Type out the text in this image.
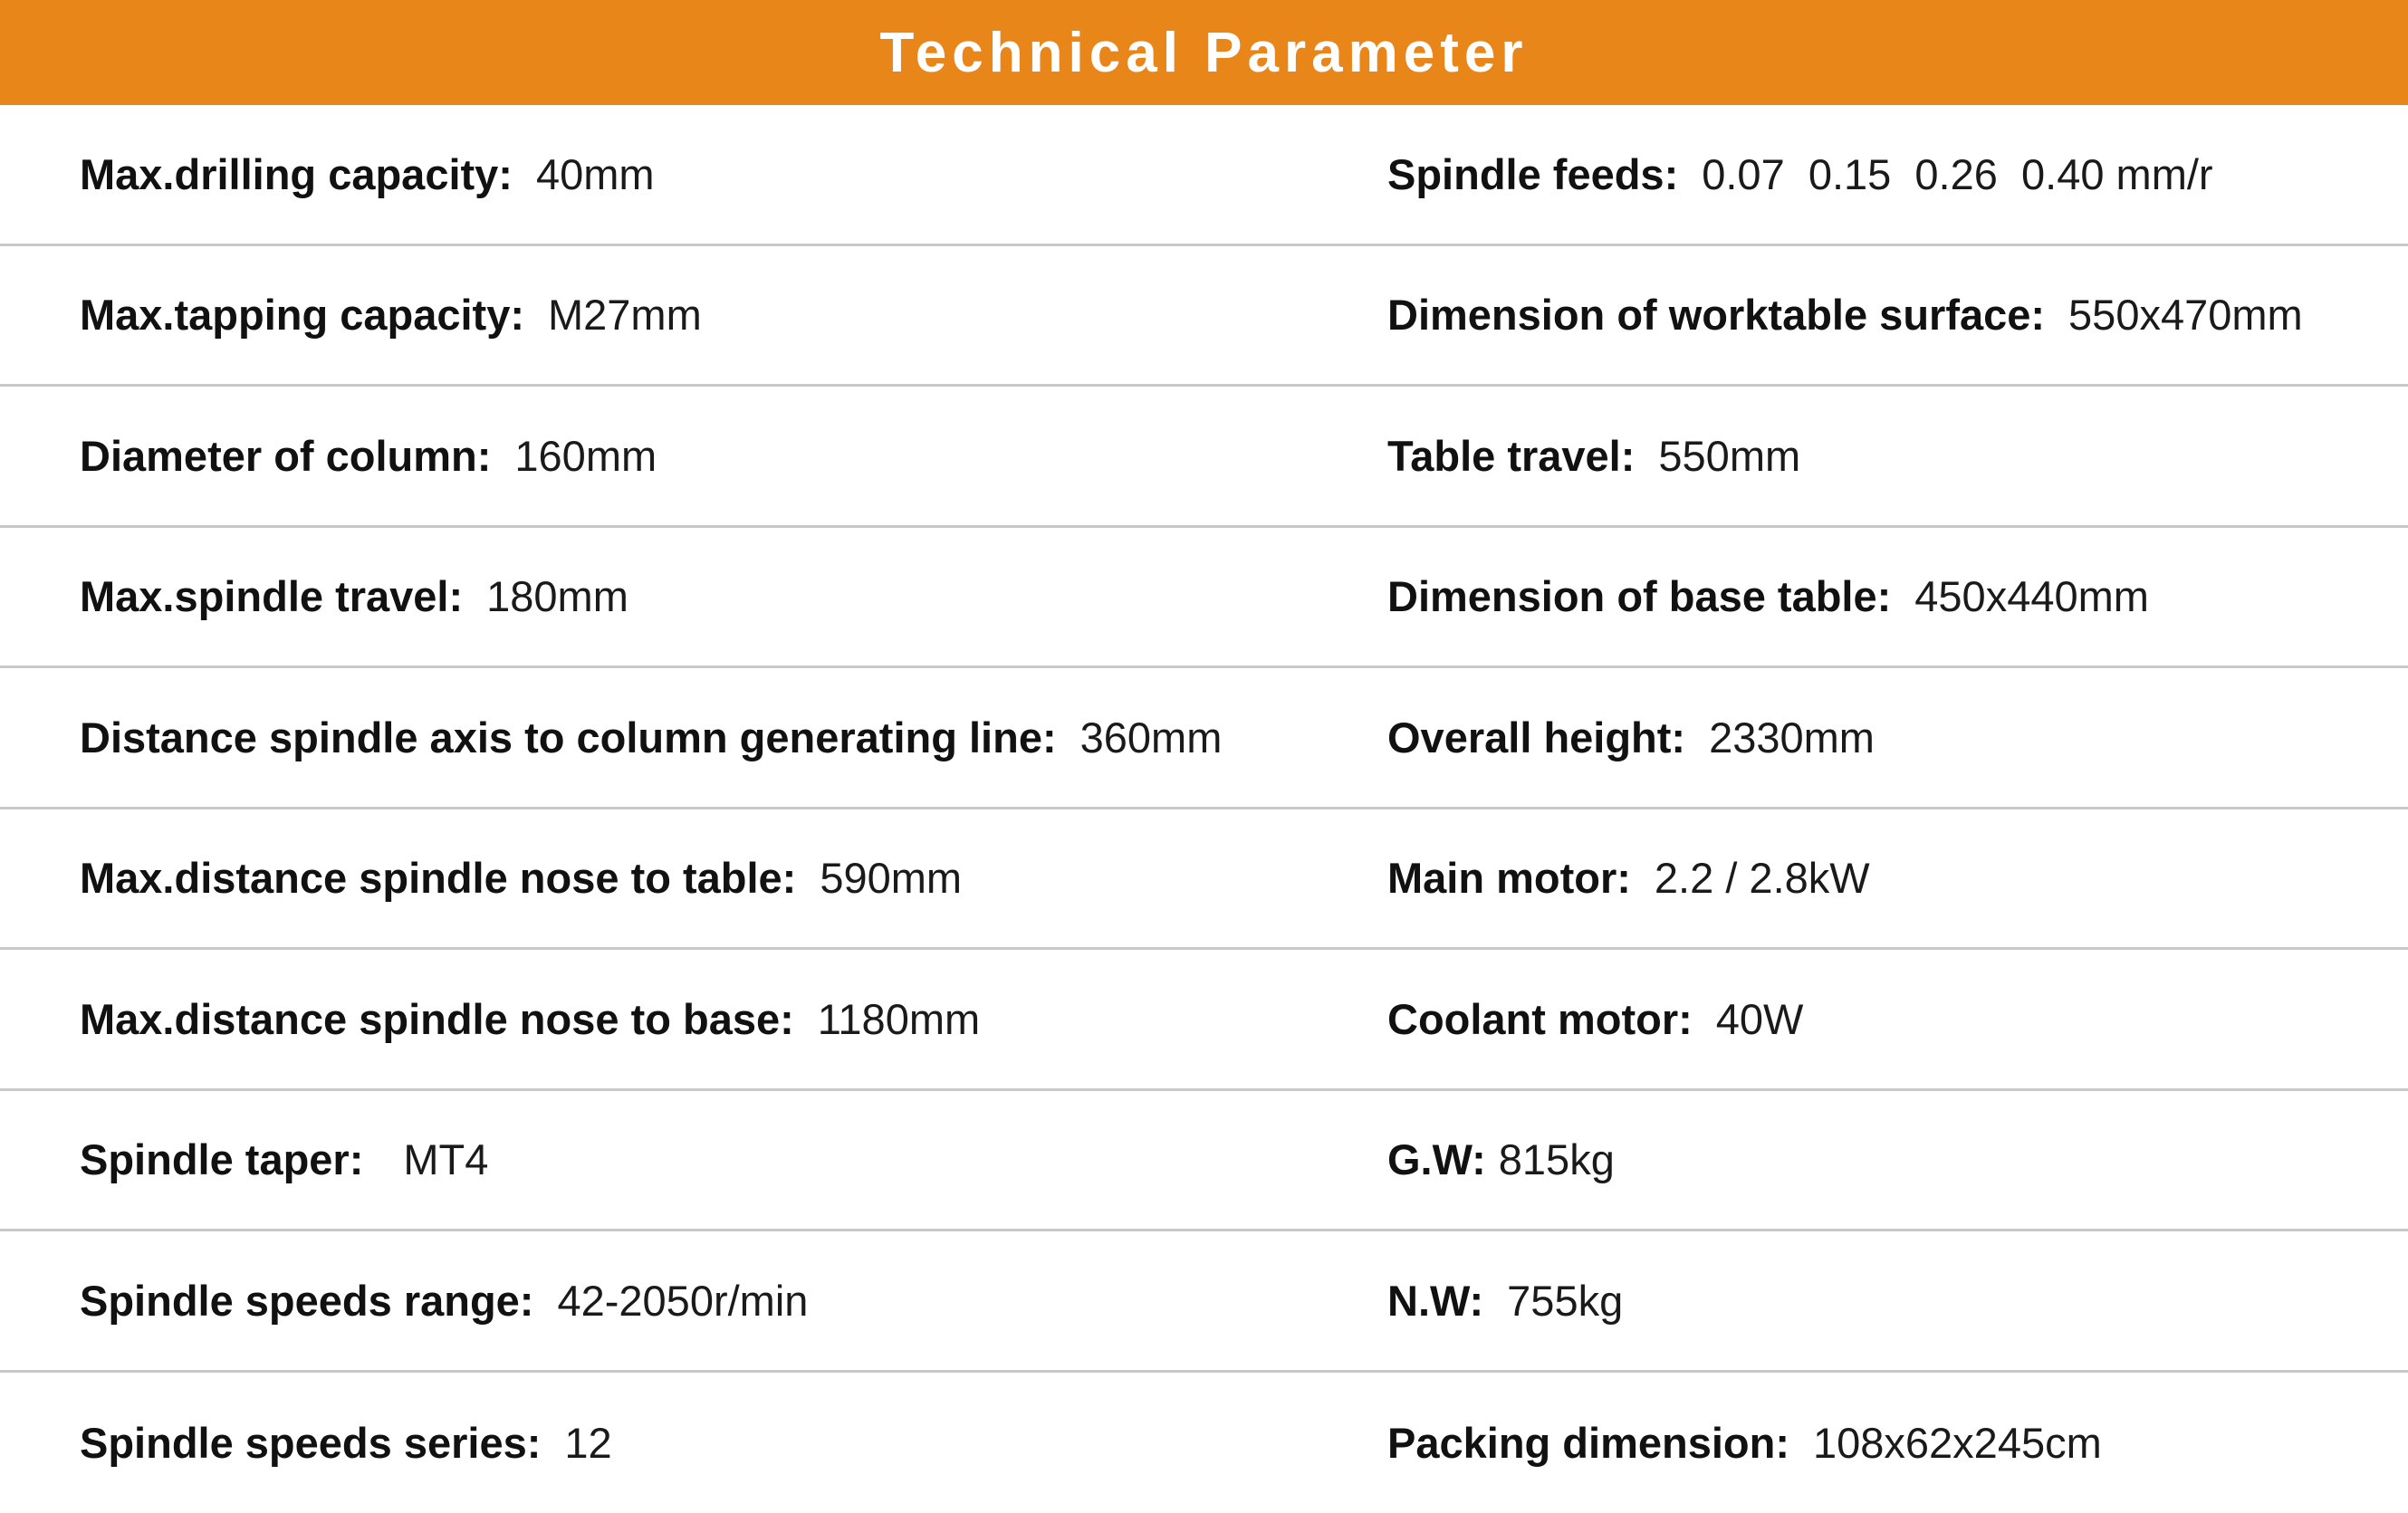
Technical Parameter
Max.drilling capacity: 40mm	Spindle feeds: 0.07  0.15  0.26  0.40 mm/r
Max.tapping capacity: M27mm	Dimension of worktable surface: 550x470mm
Diameter of column: 160mm	Table travel: 550mm
Max.spindle travel: 180mm	Dimension of base table: 450x440mm
Distance spindle axis to column generating line: 360mm	Overall height: 2330mm
Max.distance spindle nose to table: 590mm	Main motor: 2.2 / 2.8kW
Max.distance spindle nose to base: 1180mm	Coolant motor: 40W
Spindle taper: MT4	G.W: 815kg
Spindle speeds range: 42-2050r/min	N.W: 755kg
Spindle speeds series: 12	Packing dimension: 108x62x245cm
